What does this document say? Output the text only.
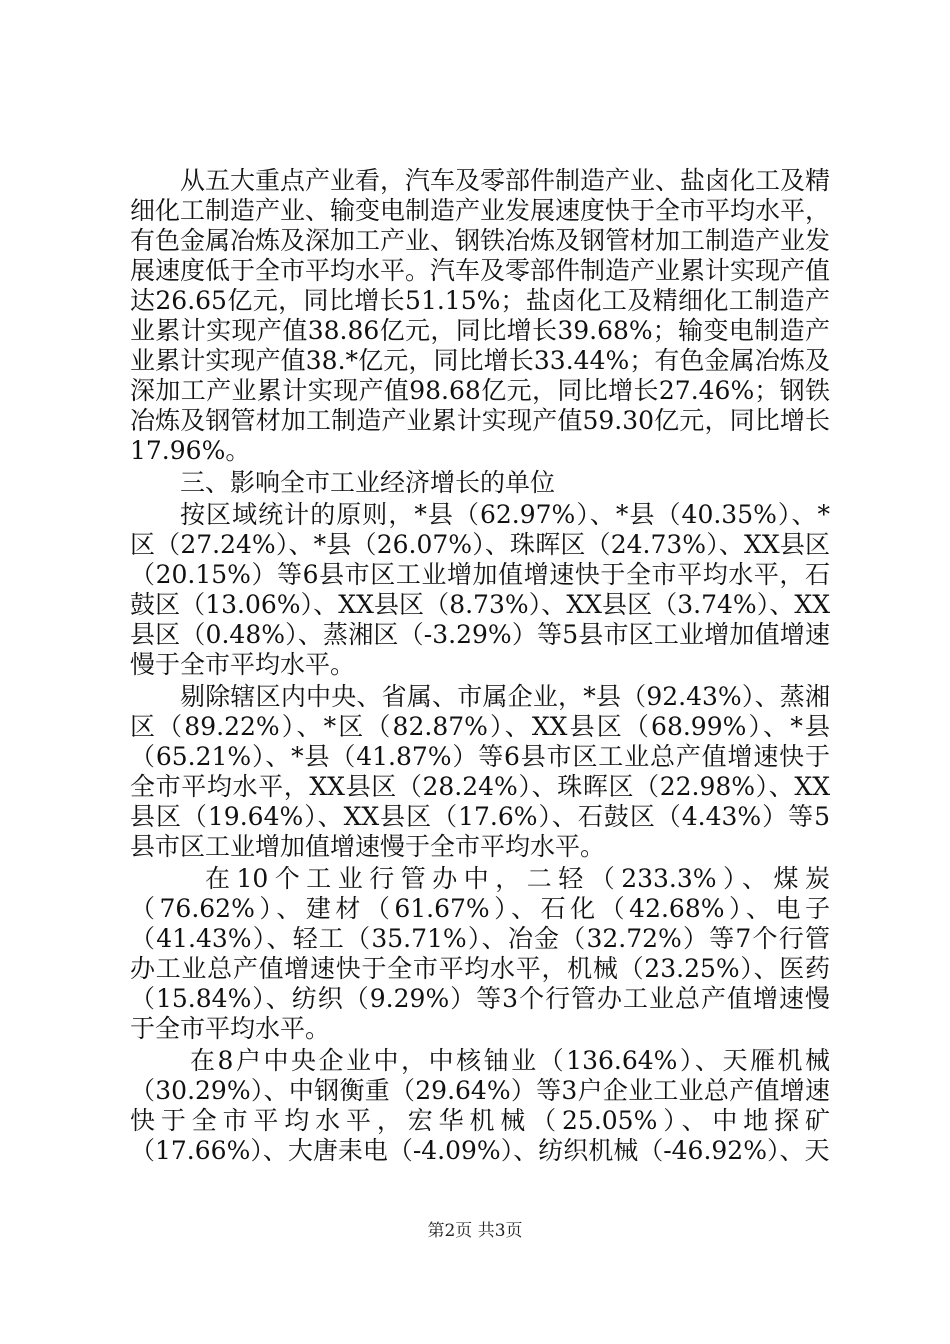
从五大重点产业看，汽车及零部件制造产业、盐卤化工及精细化工制造产业、输变电制造产业发展速度快于全市平均水平，有色金属冶炼及深加工产业、钢铁冶炼及钢管材加工制造产业发展速度低于全市平均水平。汽车及零部件制造产业累计实现产值达26.65亿元，同比增长51.15%；盐卤化工及精细化工制造产业累计实现产值38.86亿元，同比增长39.68%；输变电制造产业累计实现产值38.*亿元，同比增长33.44%；有色金属冶炼及深加工产业累计实现产值98.68亿元，同比增长27.46%；钢铁冶炼及钢管材加工制造产业累计实现产值59.30亿元，同比增长17.96%。

三、影响全市工业经济增长的单位

按区域统计的原则，*县（62.97%）、*县（40.35%）、*区（27.24%）、*县（26.07%）、珠晖区（24.73%）、XX县区（20.15%）等6县市区工业增加值增速快于全市平均水平，石鼓区（13.06%）、XX县区（8.73%）、XX县区（3.74%）、XX县区（0.48%）、蒸湘区（-3.29%）等5县市区工业增加值增速慢于全市平均水平。

剔除辖区内中央、省属、市属企业，*县（92.43%）、蒸湘区（89.22%）、*区（82.87%）、XX县区（68.99%）、*县（65.21%）、*县（41.87%）等6县市区工业总产值增速快于全市平均水平，XX县区（28.24%）、珠晖区（22.98%）、XX县区（19.64%）、XX县区（17.6%）、石鼓区（4.43%）等5县市区工业增加值增速慢于全市平均水平。

在10个工业行管办中，二轻（233.3%）、煤炭（76.62%）、建材（61.67%）、石化（42.68%）、电子（41.43%）、轻工（35.71%）、冶金（32.72%）等7个行管办工业总产值增速快于全市平均水平，机械（23.25%）、医药（15.84%）、纺织（9.29%）等3个行管办工业总产值增速慢于全市平均水平。

在8户中央企业中，中核铀业（136.64%）、天雁机械（30.29%）、中钢衡重（29.64%）等3户企业工业总产值增速快于全市平均水平，宏华机械（25.05%）、中地探矿（17.66%）、大唐耒电（-4.09%）、纺织机械（-46.92%）、天

第2页 共3页
